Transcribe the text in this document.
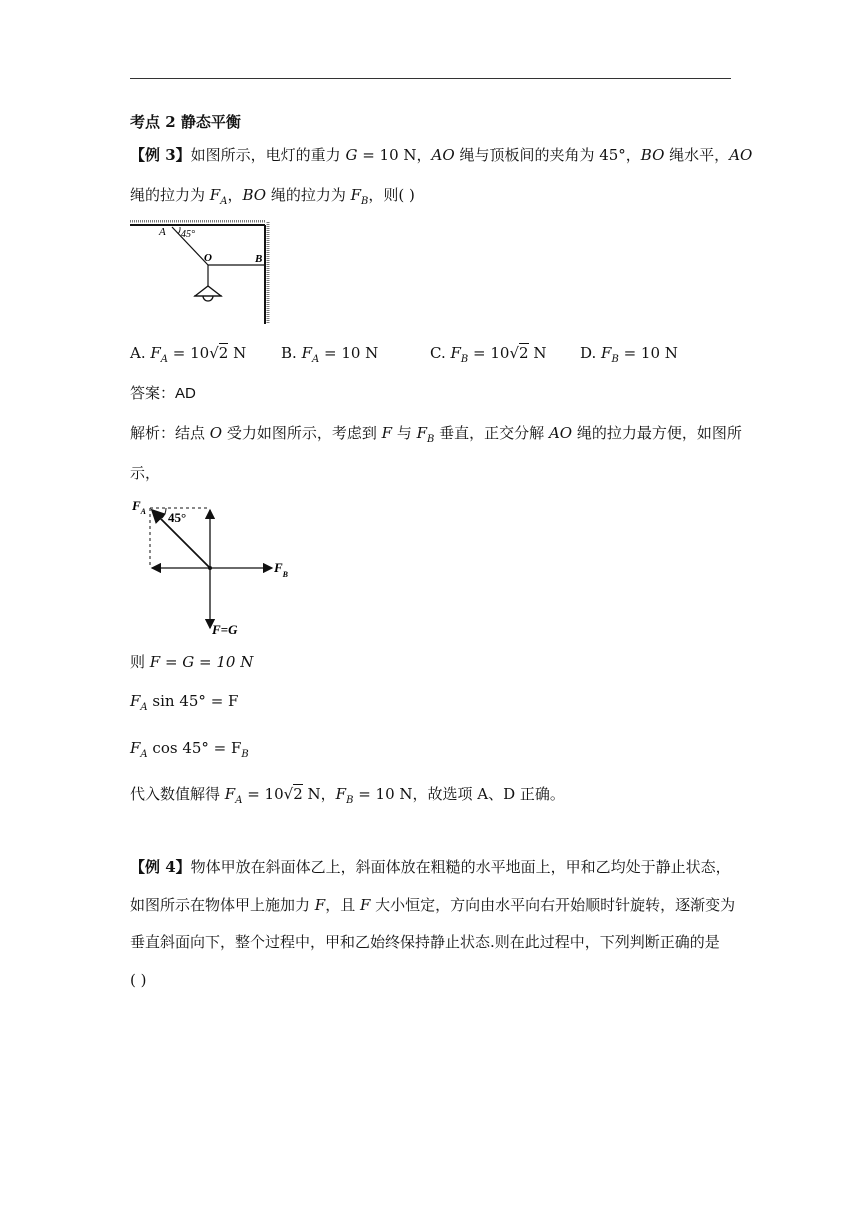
考点 2 静态平衡
【例 3】如图所示，电灯的重力 G = 10 N，AO 绳与顶板间的夹角为 45°，BO 绳水平，AO
绳的拉力为 $F_A$，BO 绳的拉力为 $F_B$，则( )
A 45°
O	B
A. $F_A = 10√2$ N B. $F_A = 10$ N	C. $F_B = 10√2$ N D. $F_B = 10$ N
答案：AD
解析：结点 O 受力如图所示，考虑到 F 与 $F_B$ 垂直，正交分解 AO 绳的拉力最方便，如图所
示，
$F_A$ 45°
$F_B$
F=G
则 F = G = 10 N
$F_A$ sin 45° = F
$F_A$ $\cos 45^\circ = F_B$
代入数值解得 $F_A = 10√2$ N，$F_B = 10$ N，故选项 A、D 正确。
【例 4】物体甲放在斜面体乙上，斜面体放在粗糙的水平地面上，甲和乙均处于静止状态，
如图所示在物体甲上施加力 F，且 F 大小恒定，方向由水平向右开始顺时针旋转，逐渐变为
垂直斜面向下，整个过程中，甲和乙始终保持静止状态.则在此过程中，下列判断正确的是
( )
